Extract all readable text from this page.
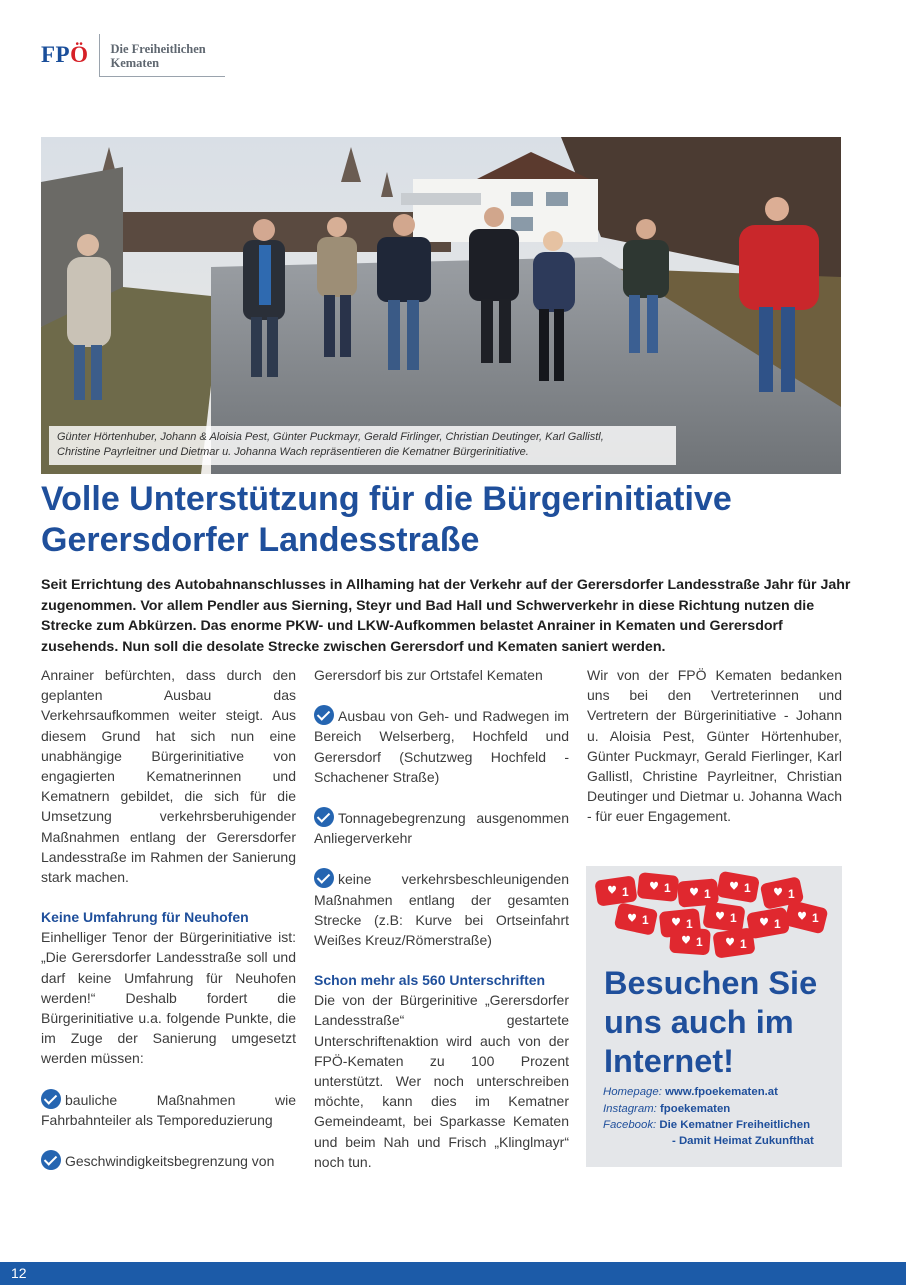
FPÖ Die Freiheitlichen
Kematen
Günter Hörtenhuber, Johann & Aloisia Pest, Günter Puckmayr, Gerald Firlinger, Christian Deutinger, Karl Gallistl,
Christine Payrleitner und Dietmar u. Johanna Wach repräsentieren die Kematner Bürgerinitiative.
Volle Unterstützung für die Bürgerinitiative
Gerersdorfer Landesstraße
Seit Errichtung des Autobahnanschlusses in Allhaming hat der Verkehr auf der Gerersdorfer Landesstraße Jahr für Jahr zugenommen. Vor allem Pendler aus Sierning, Steyr und Bad Hall und Schwerverkehr in diese Richtung nutzen die Strecke zum Abkürzen. Das enorme PKW- und LKW-Aufkommen belastet Anrainer in Kematen und Gerersdorf zusehends. Nun soll die desolate Strecke zwischen Gerersdorf und Kematen saniert werden.

Anrainer befürchten, dass durch den geplanten Ausbau das Verkehrsaufkommen weiter steigt. Aus diesem Grund hat sich nun eine unabhängige Bürgerinitiative von engagierten Kematnerinnen und Kematnern gebildet, die sich für die Umsetzung verkehrsberuhigender Maßnahmen entlang der Gerersdorfer Landesstraße im Rahmen der Sanierung stark machen.

Keine Umfahrung für Neuhofen

Einhelliger Tenor der Bürgerinitiative ist: „Die Gerersdorfer Landesstraße soll und darf keine Umfahrung für Neuhofen werden!“ Deshalb fordert die Bürgerinitiative u.a. folgende Punkte, die im Zuge der Sanierung umgesetzt werden müssen:

bauliche Maßnahmen wie Fahrbahnteiler als Temporeduzierung
Geschwindigkeitsbegrenzung von

Gerersdorf bis zur Ortstafel Kematen

Ausbau von Geh- und Radwegen im Bereich Welserberg, Hochfeld und Gerersdorf (Schutzweg Hochfeld - Schachener Straße)
Tonnagebegrenzung ausgenommen Anliegerverkehr
keine verkehrsbeschleunigenden Maßnahmen entlang der gesamten Strecke (z.B: Kurve bei Ortseinfahrt Weißes Kreuz/Römerstraße)
Schon mehr als 560 Unterschriften

Die von der Bürgerinitive „Gerersdorfer Landesstraße“ gestartete Unterschriftenaktion wird auch von der FPÖ-Kematen zu 100 Prozent unterstützt. Wer noch unterschreiben möchte, kann dies im Kematner Gemeindeamt, bei Sparkasse Kematen und beim Nah und Frisch „Klinglmayr“ noch tun.

Wir von der FPÖ Kematen bedanken uns bei den Vertreterinnen und Vertretern der Bürgerinitiative - Johann u. Aloisia Pest, Günter Hörtenhuber, Günter Puckmayr, Gerald Fierlinger, Karl Gallistl, Christine Payrleitner, Christian Deutinger und Dietmar u. Johanna Wach - für euer Engagement.

1	1	1	1	1
1	1	1	1	1
1	1
Besuchen Sie
uns auch im
Internet!
Homepage: www.fpoekematen.at
Instagram: fpoekematen
Facebook: Die Kematner Freiheitlichen
- Damit Heimat Zukunfthat
12
